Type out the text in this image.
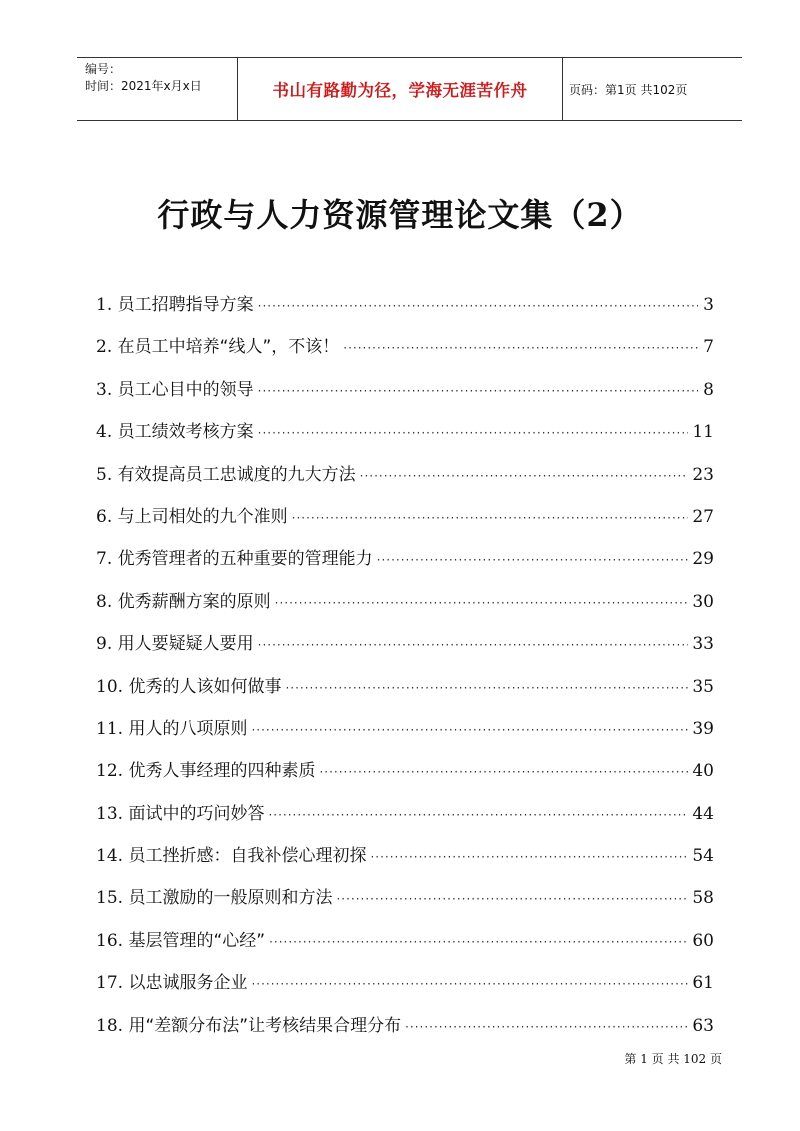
编号：
时间：2021年x月x日	书山有路勤为径，学海无涯苦作舟	页码：第1页 共102页
行政与人力资源管理论文集（2）
1. 员工招聘指导方案 ·····	3
2. 在员工中培养“线人”，不该！ ·····	7
3. 员工心目中的领导 ·····	8
4. 员工绩效考核方案 ·····	11
5. 有效提高员工忠诚度的九大方法 ·····	23
6. 与上司相处的九个准则 ·····	27
7. 优秀管理者的五种重要的管理能力 ·····	29
8. 优秀薪酬方案的原则 ·····	30
9. 用人要疑疑人要用 ·····	33
10. 优秀的人该如何做事 ·····	35
11. 用人的八项原则 ·····	39
12. 优秀人事经理的四种素质 ·····	40
13. 面试中的巧问妙答 ·····	44
14. 员工挫折感：自我补偿心理初探 ·····	54
15. 员工激励的一般原则和方法 ·····	58
16. 基层管理的“心经” ·····	60
17. 以忠诚服务企业 ·····	61
18. 用“差额分布法”让考核结果合理分布 ·····	63
第 1 页 共 102 页
